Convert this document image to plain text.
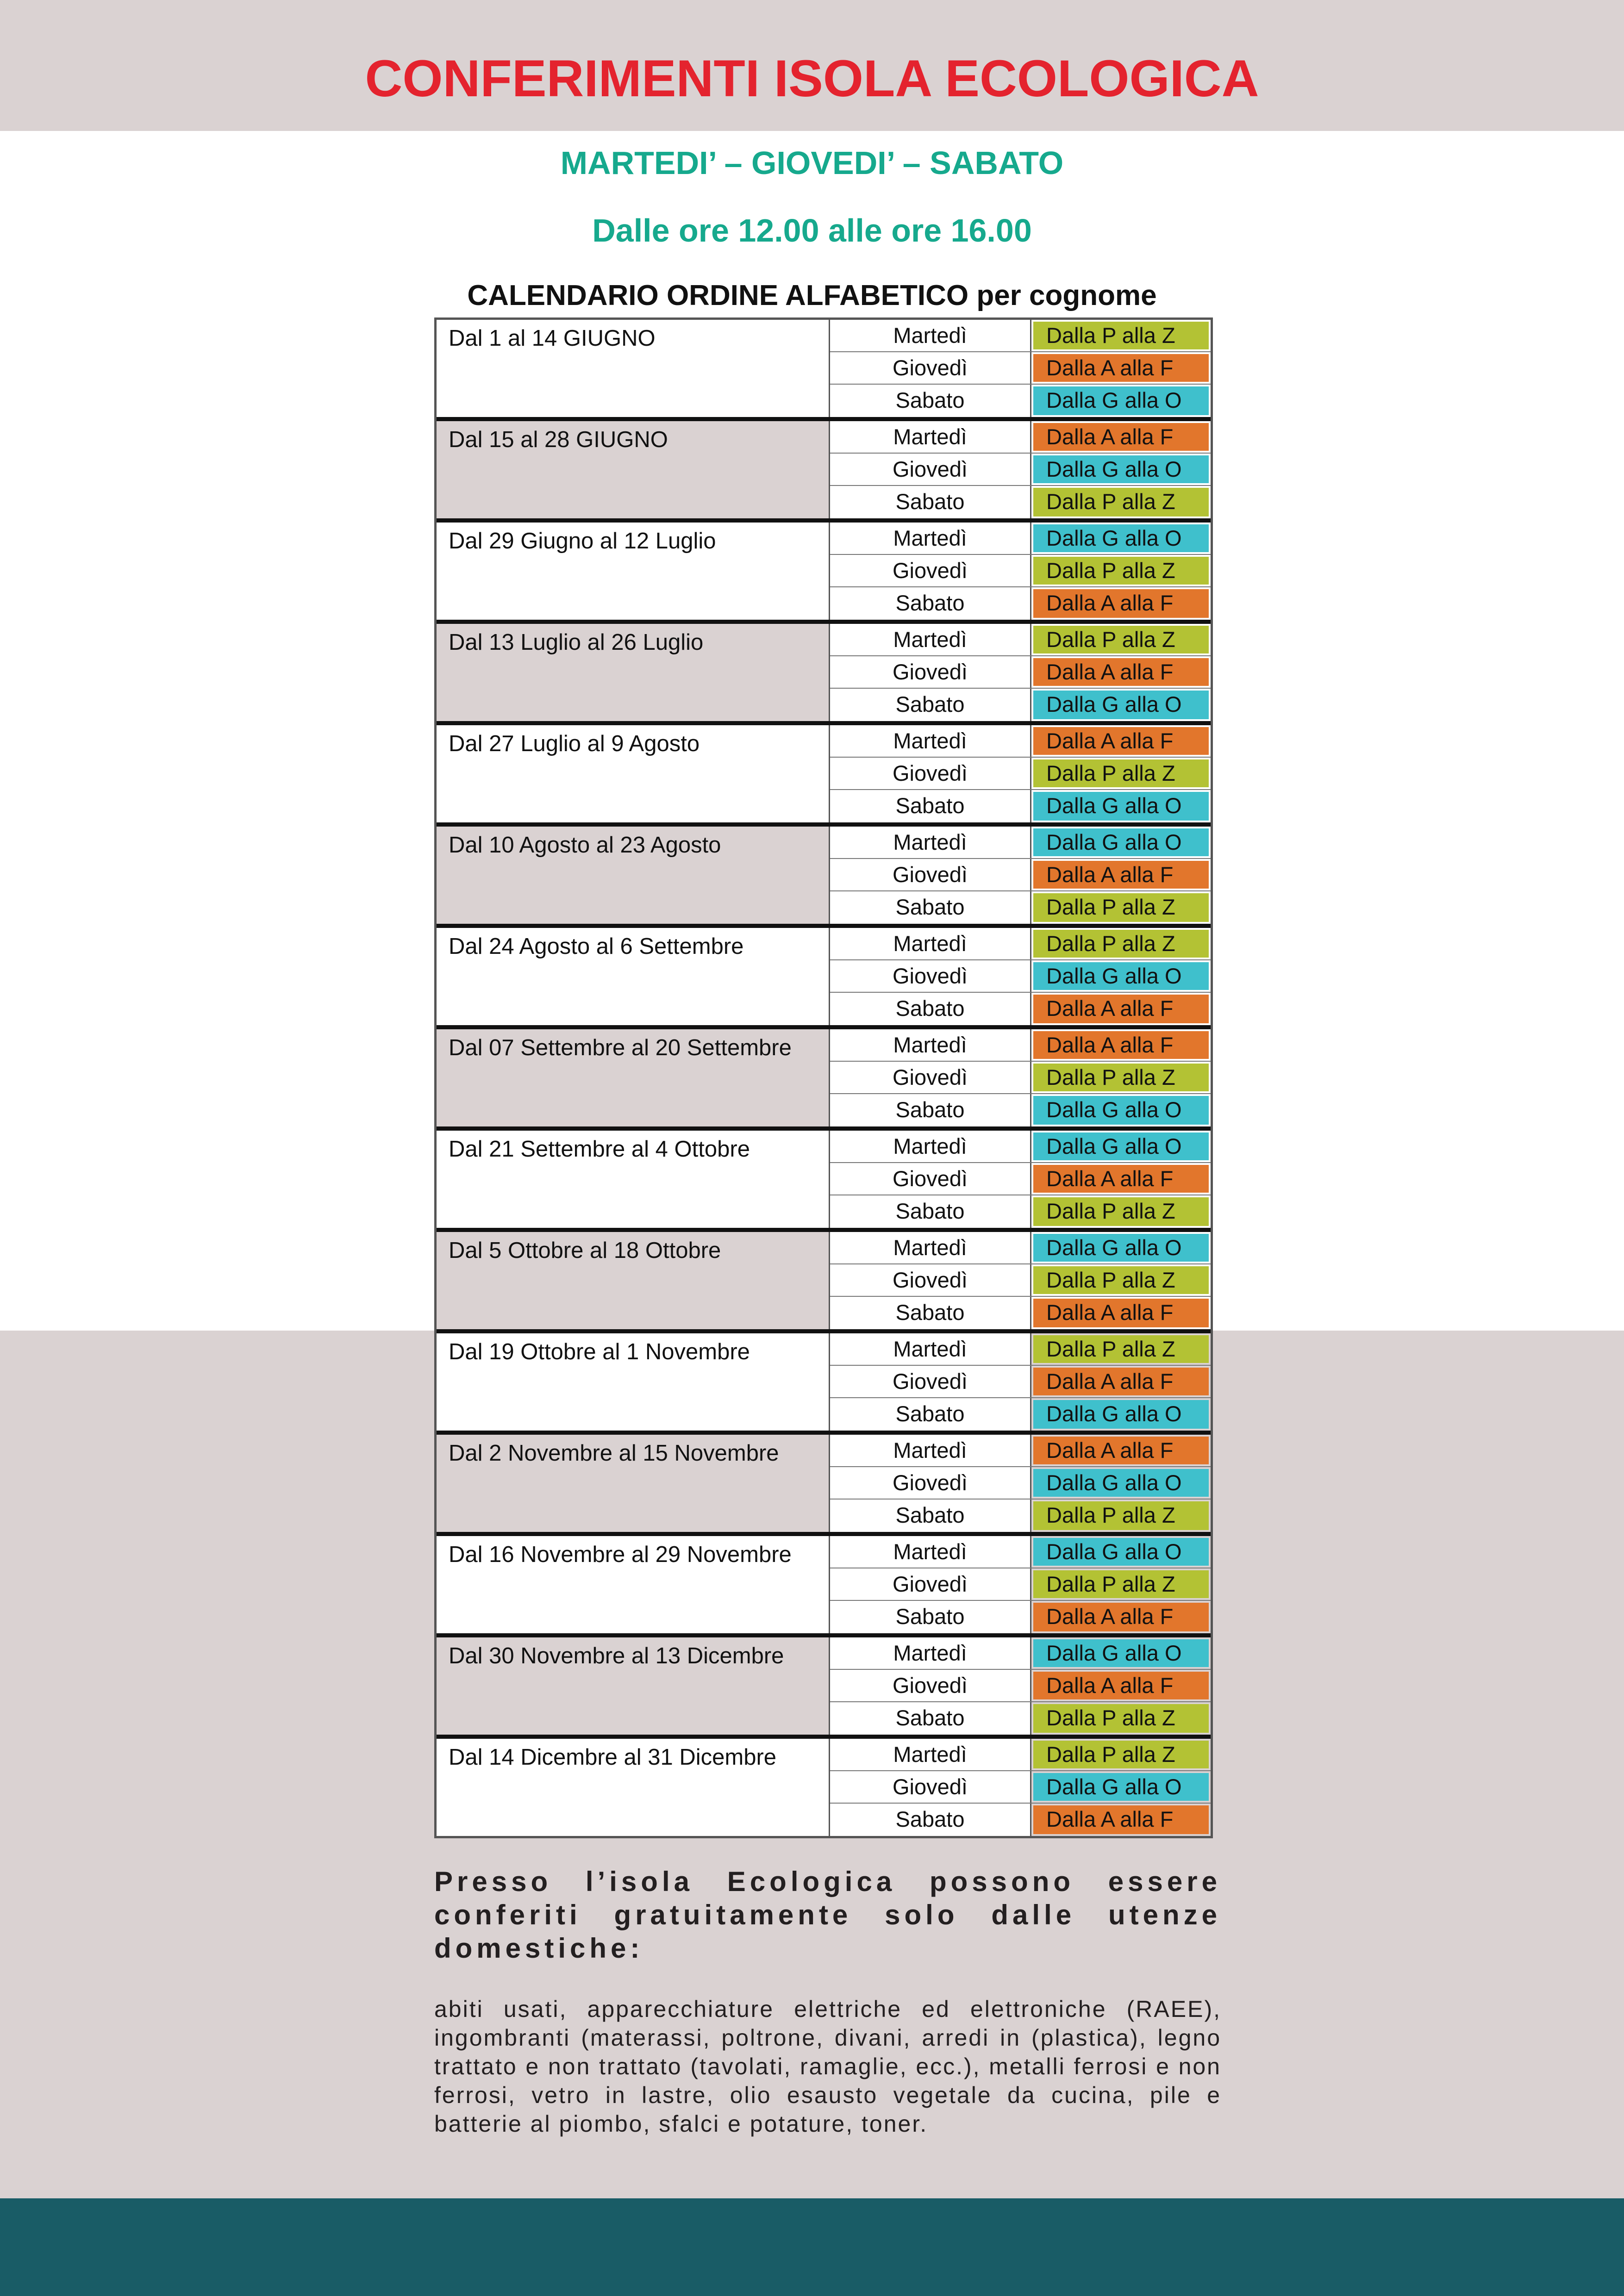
CONFERIMENTI ISOLA ECOLOGICA
MARTEDI’ – GIOVEDI’ – SABATO
Dalle ore 12.00 alle ore 16.00
CALENDARIO ORDINE ALFABETICO per cognome
Dal 1 al 14 GIUGNO	Martedì	Dalla P alla Z
Giovedì	Dalla A alla F
Sabato	Dalla G alla O
Dal 15 al 28 GIUGNO	Martedì	Dalla A alla F
Giovedì	Dalla G alla O
Sabato	Dalla P alla Z
Dal 29 Giugno al 12 Luglio	Martedì	Dalla G alla O
Giovedì	Dalla P alla Z
Sabato	Dalla A alla F
Dal 13 Luglio al 26 Luglio	Martedì	Dalla P alla Z
Giovedì	Dalla A alla F
Sabato	Dalla G alla O
Dal 27 Luglio al 9 Agosto	Martedì	Dalla A alla F
Giovedì	Dalla P alla Z
Sabato	Dalla G alla O
Dal 10 Agosto al 23 Agosto	Martedì	Dalla G alla O
Giovedì	Dalla A alla F
Sabato	Dalla P alla Z
Dal 24 Agosto al 6 Settembre	Martedì	Dalla P alla Z
Giovedì	Dalla G alla O
Sabato	Dalla A alla F
Dal 07 Settembre al 20 Settembre	Martedì	Dalla A alla F
Giovedì	Dalla P alla Z
Sabato	Dalla G alla O
Dal 21 Settembre al 4 Ottobre	Martedì	Dalla G alla O
Giovedì	Dalla A alla F
Sabato	Dalla P alla Z
Dal 5 Ottobre al 18 Ottobre	Martedì	Dalla G alla O
Giovedì	Dalla P alla Z
Sabato	Dalla A alla F
Dal 19 Ottobre al 1 Novembre	Martedì	Dalla P alla Z
Giovedì	Dalla A alla F
Sabato	Dalla G alla O
Dal 2 Novembre al 15 Novembre	Martedì	Dalla A alla F
Giovedì	Dalla G alla O
Sabato	Dalla P alla Z
Dal 16 Novembre al 29 Novembre	Martedì	Dalla G alla O
Giovedì	Dalla P alla Z
Sabato	Dalla A alla F
Dal 30 Novembre al 13 Dicembre	Martedì	Dalla G alla O
Giovedì	Dalla A alla F
Sabato	Dalla P alla Z
Dal 14 Dicembre al 31 Dicembre	Martedì	Dalla P alla Z
Giovedì	Dalla G alla O
Sabato	Dalla A alla F
Presso l’isola Ecologica possono essere conferiti gratuitamente solo dalle utenze domestiche:
abiti usati, apparecchiature elettriche ed elettroniche (RAEE), ingombranti (materassi, poltrone, divani, arredi in (plastica), legno trattato e non trattato (tavolati, ramaglie, ecc.), metalli ferrosi e non ferrosi, vetro in lastre, olio esausto vegetale da cucina, pile e batterie al piombo, sfalci e potature, toner.
